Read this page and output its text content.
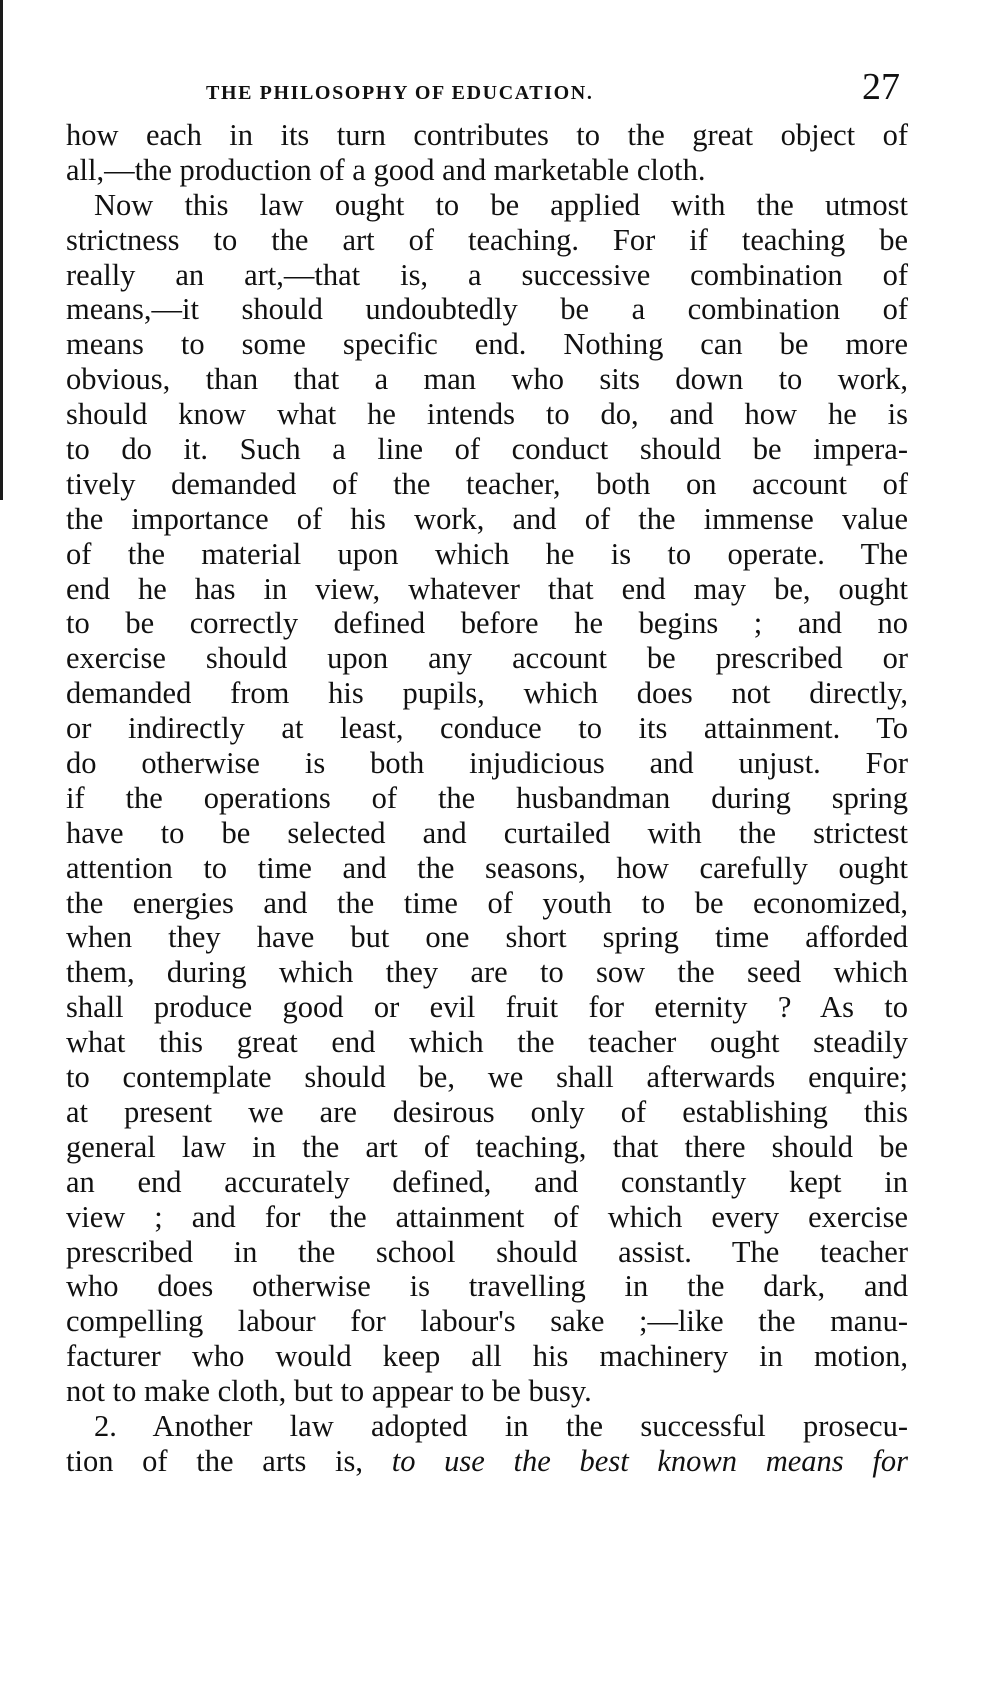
THE PHILOSOPHY OF EDUCATION.	27
how each in its turn contributes to the great object of
all,—the production of a good and marketable cloth.
Now this law ought to be applied with the utmost
strictness to the art of teaching. For if teaching be
really an art,—that is, a successive combination of
means,—it should undoubtedly be a combination of
means to some specific end. Nothing can be more
obvious, than that a man who sits down to work,
should know what he intends to do, and how he is
to do it. Such a line of conduct should be impera-
tively demanded of the teacher, both on account of
the importance of his work, and of the immense value
of the material upon which he is to operate. The
end he has in view, whatever that end may be, ought
to be correctly defined before he begins ; and no
exercise should upon any account be prescribed or
demanded from his pupils, which does not directly,
or indirectly at least, conduce to its attainment. To
do otherwise is both injudicious and unjust. For
if the operations of the husbandman during spring
have to be selected and curtailed with the strictest
attention to time and the seasons, how carefully ought
the energies and the time of youth to be economized,
when they have but one short spring time afforded
them, during which they are to sow the seed which
shall produce good or evil fruit for eternity ? As to
what this great end which the teacher ought steadily
to contemplate should be, we shall afterwards enquire;
at present we are desirous only of establishing this
general law in the art of teaching, that there should be
an end accurately defined, and constantly kept in
view ; and for the attainment of which every exercise
prescribed in the school should assist. The teacher
who does otherwise is travelling in the dark, and
compelling labour for labour's sake ;—like the manu-
facturer who would keep all his machinery in motion,
not to make cloth, but to appear to be busy.
2. Another law adopted in the successful prosecu-
tion of the arts is, to use the best known means for
